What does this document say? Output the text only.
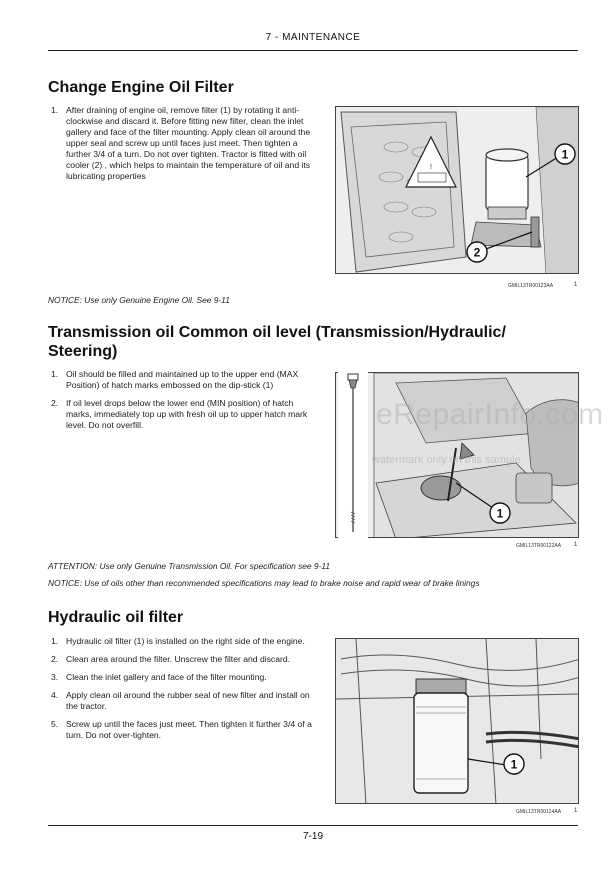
7 - MAINTENANCE
Change Engine Oil Filter
1. After draining of engine oil, remove filter (1) by rotating it anti-clockwise and discard it. Before fitting new filter, clean the inlet gallery and face of the filter mounting. Apply clean oil around the upper seal and screw up until faces just meet. Then tighten a further 3/4 of a turn. Do not over tighten. Tractor is fitted with oil cooler (2) , which helps to maintain the temperature of oil and its lubricating properties
!
1
2
GMIL13TR00123AA	1
NOTICE: Use only Genuine Engine Oil. See 9-11
Transmission oil Common oil level (Transmission/Hydraulic/ Steering)
1. Oil should be filled and maintained up to the upper end (MAX Position) of hatch marks embossed on the dip-stick (1)
2. If oil level drops below the lower end (MIN position) of hatch marks, immediately top up with fresh oil up to upper hatch mark level. Do not overfill.
1
GMIL13TR00122AA 1
eRepairInfo.com
watermark only on this sample
ATTENTION: Use only Genuine Transmission Oil. For specification see 9-11
NOTICE: Use of oils other than recommended specifications may lead to brake noise and rapid wear of brake linings
Hydraulic oil filter
1. Hydraulic oil filter (1) is installed on the right side of the engine.
2. Clean area around the filter. Unscrew the filter and discard.
3. Clean the inlet gallery and face of the filter mounting.
4. Apply clean oil around the rubber seal of new filter and install on the tractor.
5. Screw up until the faces just meet. Then tighten it further 3/4 of a turn. Do not over-tighten.
1
GMIL13TR00124AA 1
7-19
